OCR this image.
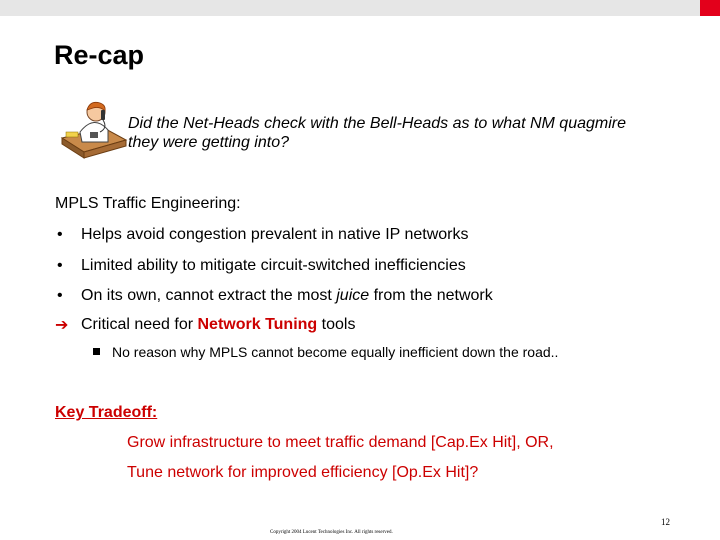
Re-cap
Did the Net-Heads check with the Bell-Heads as to what NM quagmire they were getting into?
MPLS Traffic Engineering:
• Helps avoid congestion prevalent in native IP networks
• Limited ability to mitigate circuit-switched inefficiencies
• On its own, cannot extract the most juice from the network
➔ Critical need for Network Tuning tools
No reason why MPLS cannot become equally inefficient down the road..
Key Tradeoff:
Grow infrastructure to meet traffic demand [Cap.Ex Hit], OR,
Tune network for improved efficiency [Op.Ex Hit]?
12
Copyright 2004 Lucent Technologies Inc. All rights reserved.
